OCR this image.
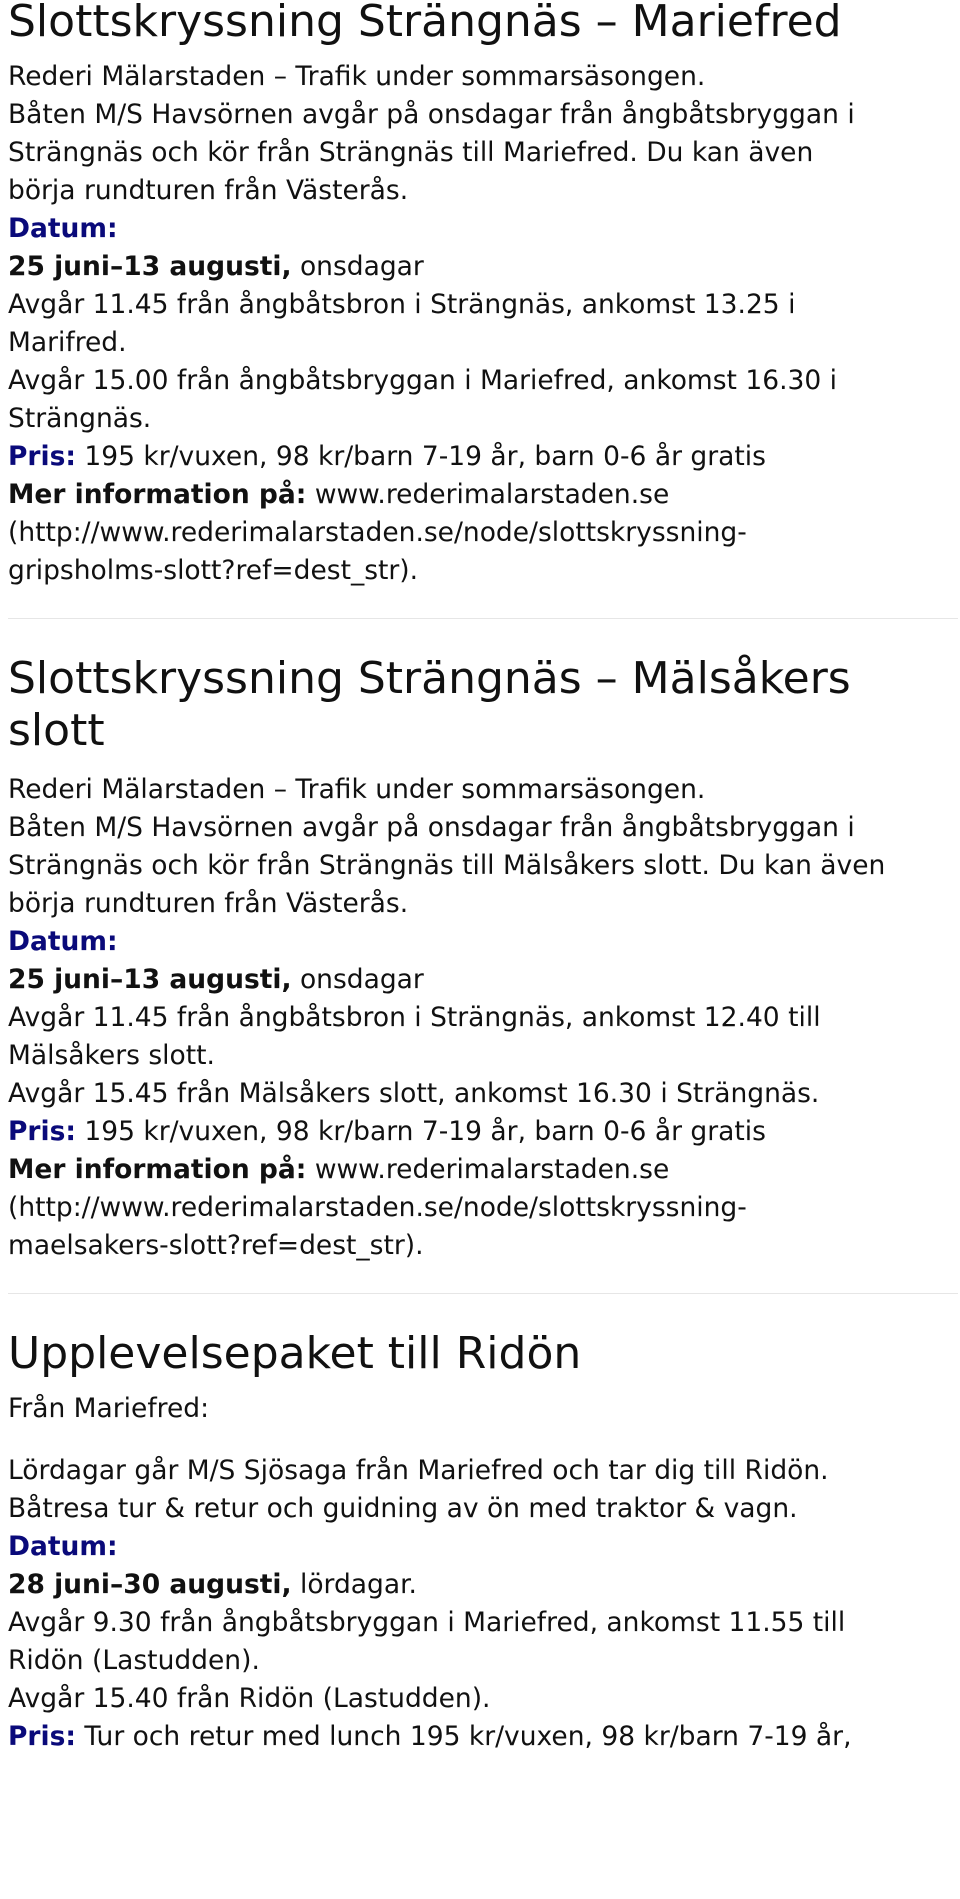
Slottskryssning Strängnäs – Mariefred

Rederi Mälarstaden – Trafik under sommarsäsongen.

Båten M/S Havsörnen avgår på onsdagar från ångbåtsbryggan i

Strängnäs och kör från Strängnäs till Mariefred. Du kan även

börja rundturen från Västerås.

Datum:

25 juni–13 augusti, onsdagar

Avgår 11.45 från ångbåtsbron i Strängnäs, ankomst 13.25 i

Marifred.

Avgår 15.00 från ångbåtsbryggan i Mariefred, ankomst 16.30 i

Strängnäs.

Pris: 195 kr/vuxen, 98 kr/barn 7-19 år, barn 0-6 år gratis

Mer information på: www.rederimalarstaden.se

(http://www.rederimalarstaden.se/node/slottskryssning-

gripsholms-slott?ref=dest_str).

Slottskryssning Strängnäs – Mälsåkers
slott

Rederi Mälarstaden – Trafik under sommarsäsongen.

Båten M/S Havsörnen avgår på onsdagar från ångbåtsbryggan i

Strängnäs och kör från Strängnäs till Mälsåkers slott. Du kan även

börja rundturen från Västerås.

Datum:

25 juni–13 augusti, onsdagar

Avgår 11.45 från ångbåtsbron i Strängnäs, ankomst 12.40 till

Mälsåkers slott.

Avgår 15.45 från Mälsåkers slott, ankomst 16.30 i Strängnäs.

Pris: 195 kr/vuxen, 98 kr/barn 7-19 år, barn 0-6 år gratis

Mer information på: www.rederimalarstaden.se

(http://www.rederimalarstaden.se/node/slottskryssning-

maelsakers-slott?ref=dest_str).

Upplevelsepaket till Ridön

Från Mariefred:

Lördagar går M/S Sjösaga från Mariefred och tar dig till Ridön.

Båtresa tur & retur och guidning av ön med traktor & vagn.

Datum:

28 juni–30 augusti, lördagar.

Avgår 9.30 från ångbåtsbryggan i Mariefred, ankomst 11.55 till

Ridön (Lastudden).

Avgår 15.40 från Ridön (Lastudden).

Pris: Tur och retur med lunch 195 kr/vuxen, 98 kr/barn 7-19 år,
